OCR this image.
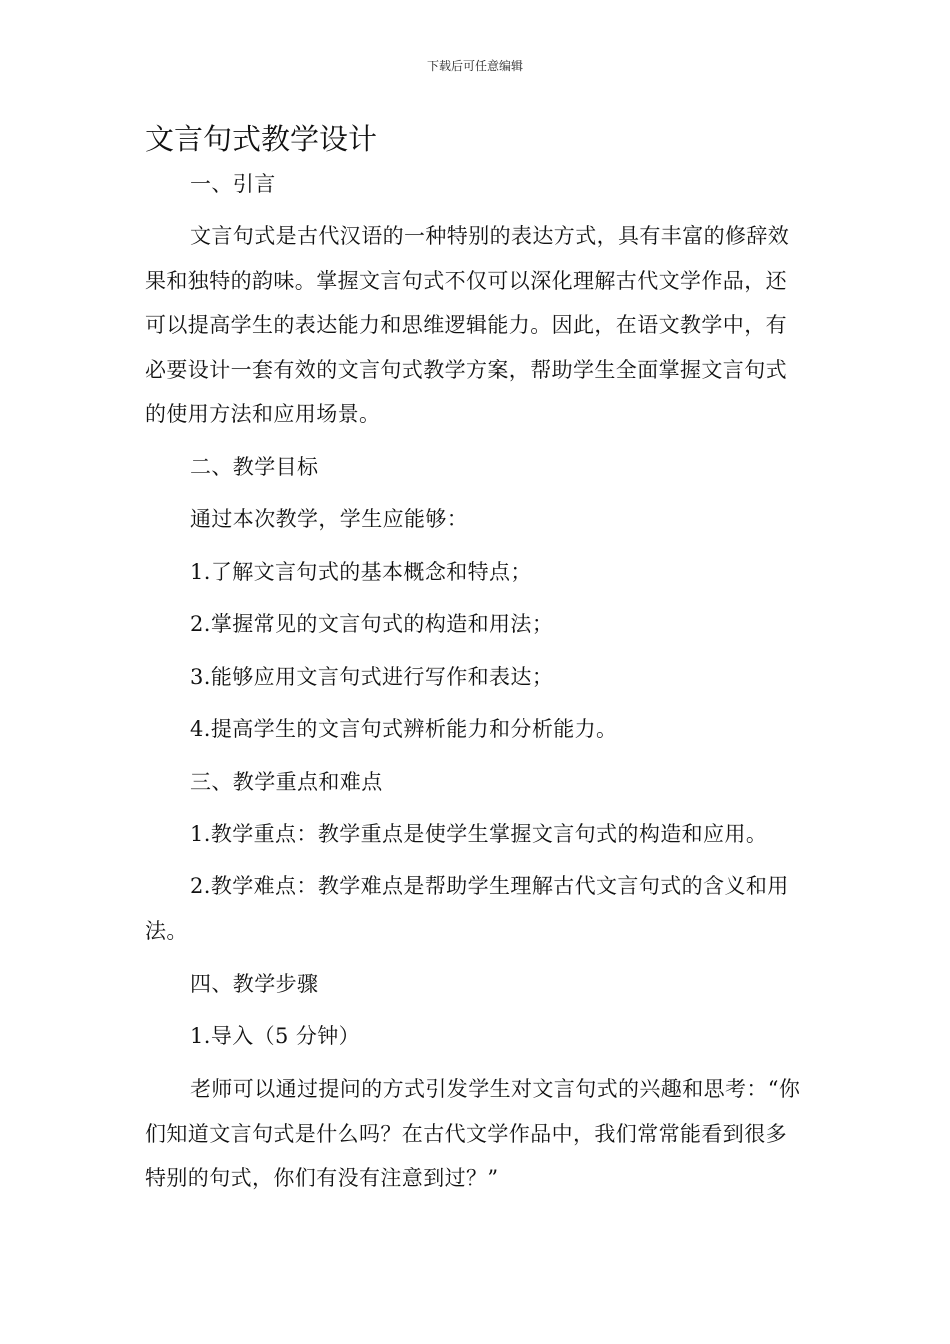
下载后可任意编辑
文言句式教学设计

一、引言

文言句式是古代汉语的一种特别的表达方式，具有丰富的修辞效果和独特的韵味。掌握文言句式不仅可以深化理解古代文学作品，还可以提高学生的表达能力和思维逻辑能力。因此，在语文教学中，有必要设计一套有效的文言句式教学方案，帮助学生全面掌握文言句式的使用方法和应用场景。

二、教学目标

通过本次教学，学生应能够：

1.了解文言句式的基本概念和特点；

2.掌握常见的文言句式的构造和用法；

3.能够应用文言句式进行写作和表达；

4.提高学生的文言句式辨析能力和分析能力。

三、教学重点和难点

1.教学重点：教学重点是使学生掌握文言句式的构造和应用。

2.教学难点：教学难点是帮助学生理解古代文言句式的含义和用法。

四、教学步骤

1.导入（5 分钟）

老师可以通过提问的方式引发学生对文言句式的兴趣和思考：“你们知道文言句式是什么吗？在古代文学作品中，我们常常能看到很多特别的句式，你们有没有注意到过？”
